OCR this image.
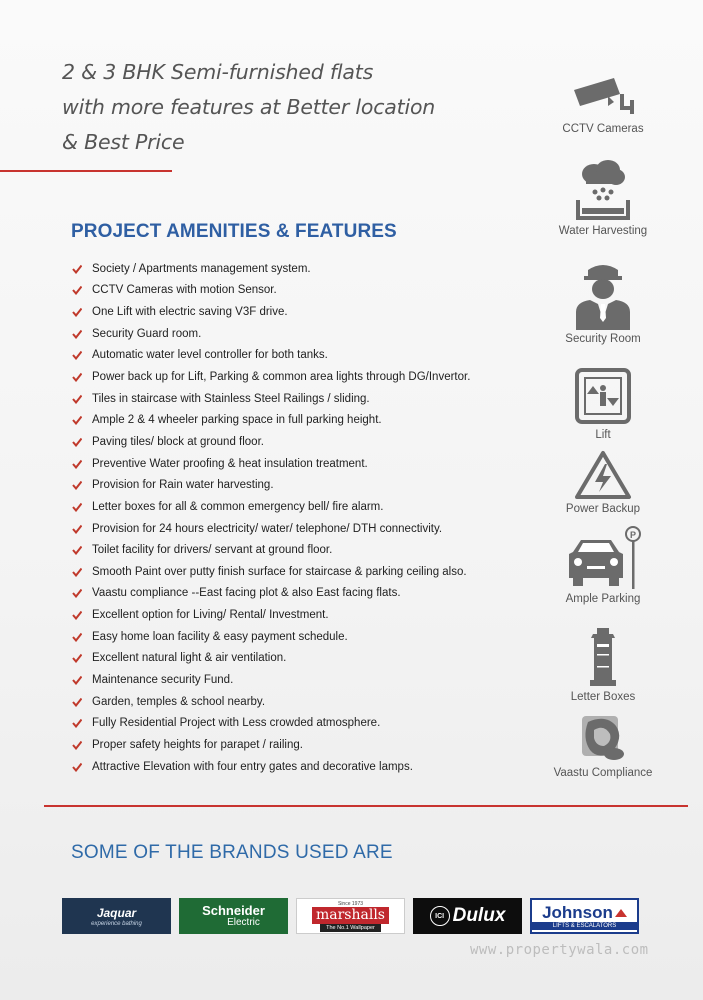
2 & 3 BHK Semi-furnished flats
with more features at Better location
& Best Price
PROJECT AMENITIES & FEATURES
Society / Apartments management system.
CCTV Cameras with motion Sensor.
One Lift with electric saving V3F drive.
Security Guard room.
Automatic water level controller for both tanks.
Power back up for Lift, Parking & common area lights through DG/Invertor.
Tiles in staircase with Stainless Steel Railings / sliding.
Ample 2 & 4 wheeler parking space in full parking height.
Paving tiles/ block at ground floor.
Preventive Water proofing & heat insulation treatment.
Provision for Rain water harvesting.
Letter boxes for all & common emergency bell/ fire alarm.
Provision for 24 hours electricity/ water/ telephone/ DTH connectivity.
Toilet facility for drivers/ servant at ground floor.
Smooth Paint over putty finish surface for staircase & parking ceiling also.
Vaastu compliance --East facing plot & also East facing flats.
Excellent option for Living/ Rental/ Investment.
Easy home loan facility & easy payment schedule.
Excellent natural light & air ventilation.
Maintenance security Fund.
Garden, temples & school nearby.
Fully Residential Project with Less crowded atmosphere.
Proper safety heights for parapet / railing.
Attractive Elevation with four entry gates and decorative lamps.
CCTV Cameras
Water Harvesting
Security Room
Lift
Power Backup
P
Ample Parking
Letter Boxes
Vaastu Compliance
SOME OF THE BRANDS USED ARE
Jaquar
experience bathing
Schneider
Electric
Since 1973
marshalls
The No.1 Wallpaper
ICI Dulux Johnson
LIFTS & ESCALATORS
www.propertywala.com
